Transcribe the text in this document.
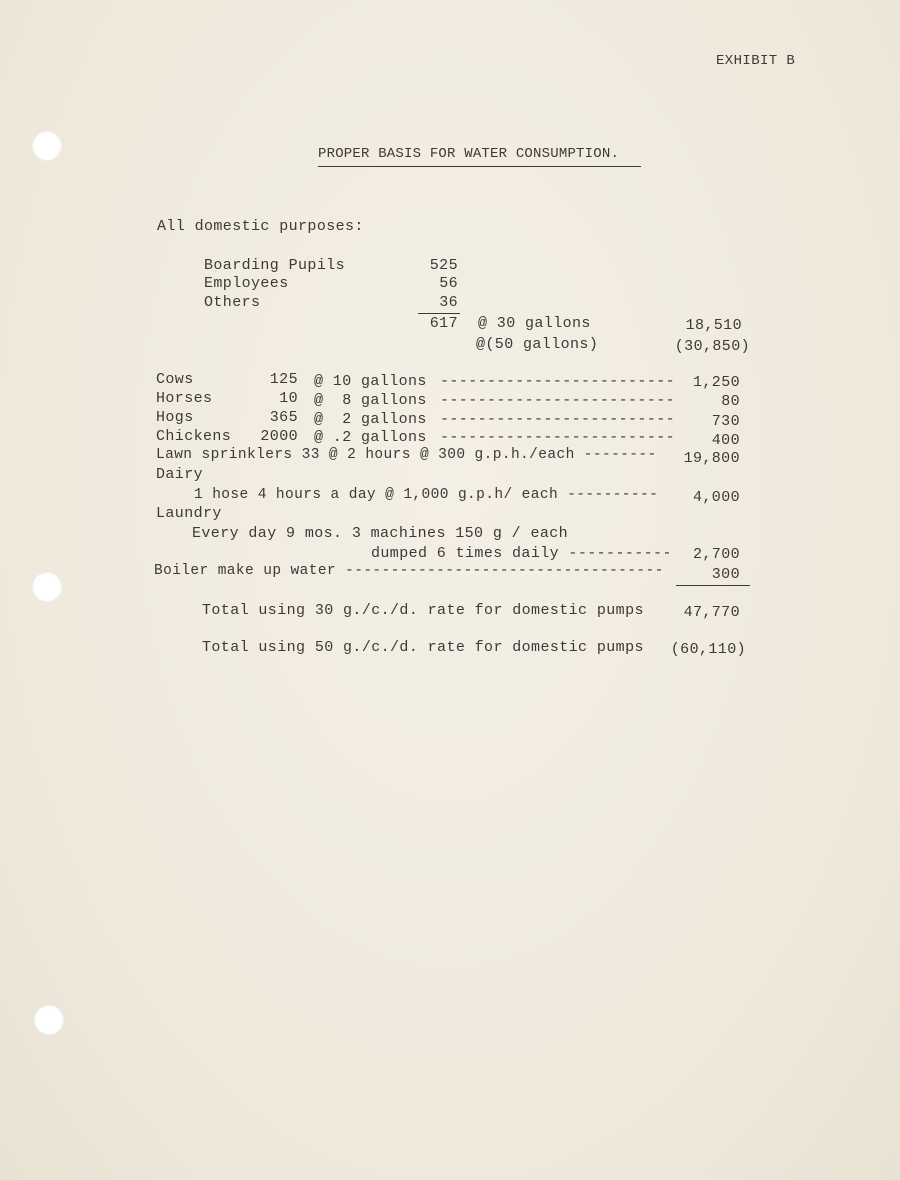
EXHIBIT B
PROPER BASIS FOR WATER CONSUMPTION.
All domestic purposes:
Boarding Pupils	525
Employees	56
Others	36
617 @ 30 gallons	18,510
@(50 gallons)	(30,850)
Cows	125 @ 10 gallons -------------------------	1,250
Horses	10 @  8 gallons -------------------------	80
Hogs	365 @  2 gallons -------------------------	730
Chickens	2000 @ .2 gallons -------------------------	400
Lawn sprinklers 33 @ 2 hours @ 300 g.p.h./each --------	19,800
Dairy
1 hose 4 hours a day @ 1,000 g.p.h/ each ----------	4,000
Laundry
Every day 9 mos. 3 machines 150 g / each
dumped 6 times daily -----------	2,700
Boiler make up water -----------------------------------	300
Total using 30 g./c./d. rate for domestic pumps	47,770
Total using 50 g./c./d. rate for domestic pumps	(60,110)
